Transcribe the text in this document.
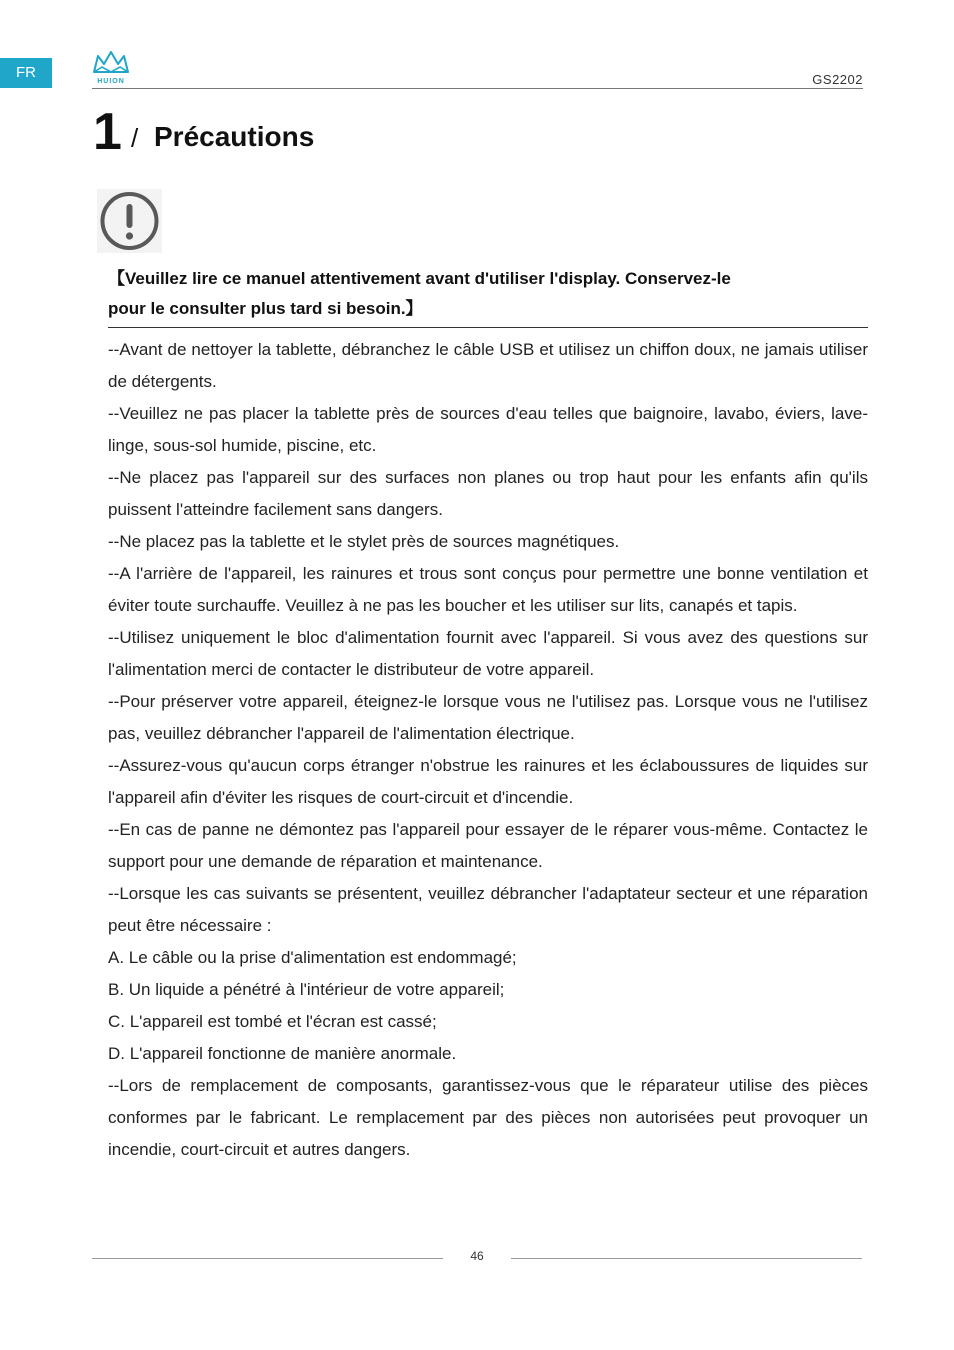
FR
HUION	GS2202
1 / Précautions
【Veuillez lire ce manuel attentivement avant d'utiliser l'display. Conservez-le
pour le consulter plus tard si besoin.】

--Avant de nettoyer la tablette, débranchez le câble USB et utilisez un chiffon doux, ne jamais utiliser de détergents.

--Veuillez ne pas placer la tablette près de sources d'eau telles que baignoire, lavabo, éviers, lave-linge, sous-sol humide, piscine, etc.

--Ne placez pas l'appareil sur des surfaces non planes ou trop haut pour les enfants afin qu'ils puissent l'atteindre facilement sans dangers.

--Ne placez pas la tablette et le stylet près de sources magnétiques.

--A l'arrière de l'appareil, les rainures et trous sont conçus pour permettre une bonne ventilation et éviter toute surchauffe. Veuillez à ne pas les boucher et les utiliser sur lits, canapés et tapis.

--Utilisez uniquement le bloc d'alimentation fournit avec l'appareil. Si vous avez des questions sur l'alimentation merci de contacter le distributeur de votre appareil.

--Pour préserver votre appareil, éteignez-le lorsque vous ne l'utilisez pas. Lorsque vous ne l'utilisez pas, veuillez débrancher l'appareil de l'alimentation électrique.

--Assurez-vous qu'aucun corps étranger n'obstrue les rainures et les éclaboussures de liquides sur l'appareil afin d'éviter les risques de court-circuit et d'incendie.

--En cas de panne ne démontez pas l'appareil pour essayer de le réparer vous-même. Contactez le support pour une demande de réparation et maintenance.

--Lorsque les cas suivants se présentent, veuillez débrancher l'adaptateur secteur et une réparation peut être nécessaire :

A. Le câble ou la prise d'alimentation est endommagé;

B. Un liquide a pénétré à l'intérieur de votre appareil;

C. L'appareil est tombé et l'écran est cassé;

D. L'appareil fonctionne de manière anormale.

--Lors de remplacement de composants, garantissez-vous que le réparateur utilise des pièces conformes par le fabricant. Le remplacement par des pièces non autorisées peut provoquer un incendie, court-circuit et autres dangers.

46
